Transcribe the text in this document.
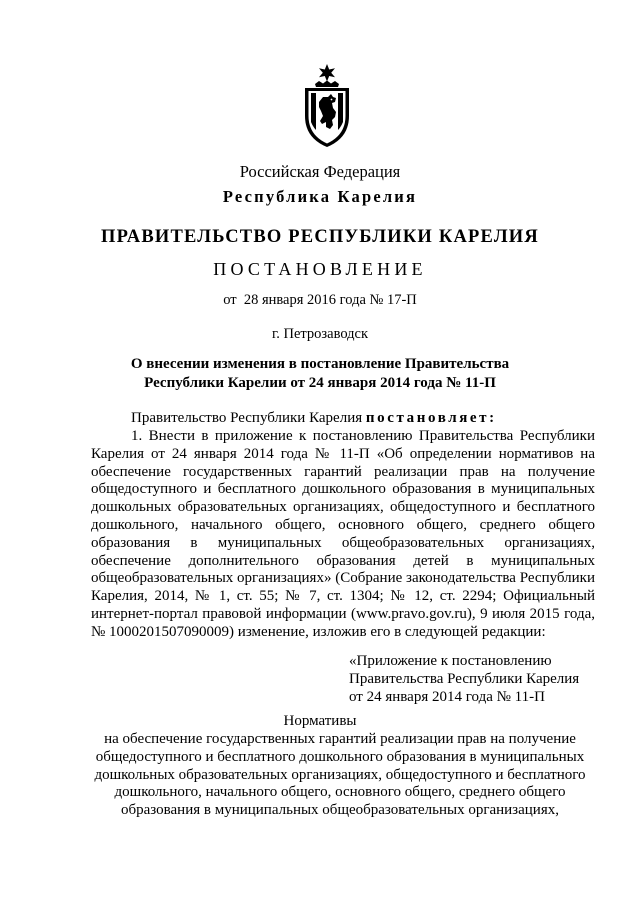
Российская Федерация
Республика Карелия
ПРАВИТЕЛЬСТВО РЕСПУБЛИКИ КАРЕЛИЯ
ПОСТАНОВЛЕНИЕ
от  28 января 2016 года № 17-П
г. Петрозаводск
О внесении изменения в постановление Правительства
Республики Карелии от 24 января 2014 года № 11-П
Правительство Республики Карелия постановляет:
1. Внести в приложение к постановлению Правительства Республики Карелия от 24 января 2014 года № 11-П «Об определении нормативов на обеспечение государственных гарантий реализации прав на получение общедоступного и бесплатного дошкольного образования в муниципальных дошкольных образовательных организациях, общедоступного и бесплатного дошкольного, начального общего, основного общего, среднего общего образования в муниципальных общеобразовательных организациях, обеспечение дополнительного образования детей в муниципальных общеобразовательных организациях» (Собрание законодательства Республики Карелия, 2014, № 1, ст. 55; № 7, ст. 1304; № 12, ст. 2294; Официальный интернет-портал правовой информации (www.pravo.gov.ru), 9 июля 2015 года, № 1000201507090009) изменение, изложив его в следующей редакции:
«Приложение к постановлению
Правительства Республики Карелия
от 24 января 2014 года № 11-П
Нормативы
на обеспечение государственных гарантий реализации прав на получение
общедоступного и бесплатного дошкольного образования в муниципальных
дошкольных образовательных организациях, общедоступного и бесплатного
дошкольного, начального общего, основного общего, среднего общего
образования в муниципальных общеобразовательных организациях,
